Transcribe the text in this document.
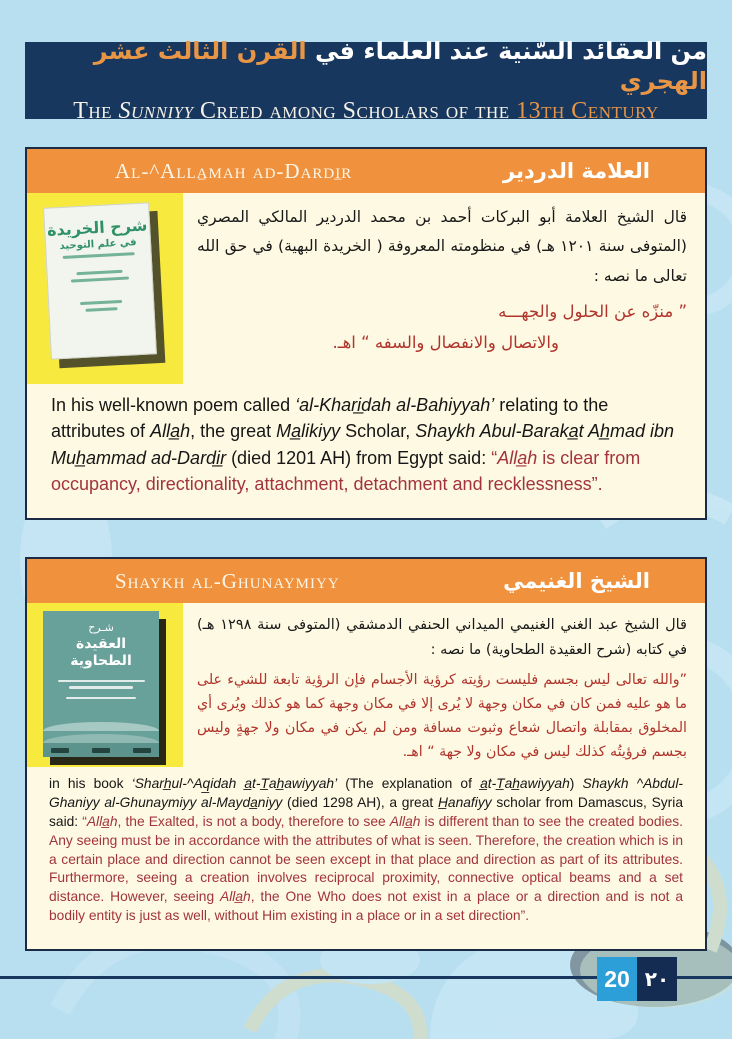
من العقائد السّنية عند العلماء في القرن الثالث عشر الهجري
The Sunniyy Creed among Scholars of the 13th Century
Al-^Alla̲mah ad-Dardi̲r	العلامة الدردير
شرح الخريدة
في علم التوحيد

قال الشيخ العلامة أبو البركات أحمد بن محمد الدردير المالكي المصري (المتوفى سنة ١٢٠١ هـ) في منظومته المعروفة ( الخريدة البهية) في حق الله تعالى ما نصه :

” منزّه عن الحلول والجهـــه

والاتصال والانفصال والسفه “ اهـ.

In his well-known poem called ‘al-Khari̲dah al-Bahiyyah’ relating to the attributes of Alla̲h, the great Ma̲likiyy Scholar, Shaykh Abul-Baraka̲t Ah̲mad ibn Muh̲ammad ad-Dardi̲r (died 1201 AH) from Egypt said: “Alla̲h is clear from occupancy, directionality, attachment, detachment and recklessness”.
Shaykh al-Ghunaymiyy	الشيخ الغنيمي
شـرح
العقيدة الطحاوية

قال الشيخ عبد الغني الغنيمي الميداني الحنفي الدمشقي (المتوفى سنة ١٢٩٨ هـ) في كتابه (شرح العقيدة الطحاوية) ما نصه :

”والله تعالى ليس بجسم فليست رؤيته كرؤية الأجسام فإن الرؤية تابعة للشيء على ما هو عليه فمن كان في مكان وجهة لا يُرى إلا في مكان وجهة كما هو كذلك ويُرى أي المخلوق بمقابلة واتصال شعاع وثبوت مسافة ومن لم يكن في مكان ولا جهةٍ وليس بجسم فرؤيتُه كذلك ليس في مكان ولا جهة “ اهـ.

in his book ‘Sharh̲ul-^Aq̲idah a̲t-T̲ah̲awiyyah’ (The explanation of a̲t-T̲ah̲awiyyah) Shaykh ^Abdul-Ghaniyy al-Ghunaymiyy al-Mayda̲niyy (died 1298 AH), a great H̲anafiyy scholar from Damascus, Syria said: “Alla̲h, the Exalted, is not a body, therefore to see Alla̲h is different than to see the created bodies. Any seeing must be in accordance with the attributes of what is seen. Therefore, the creation which is in a certain place and direction cannot be seen except in that place and direction as part of its attributes. Furthermore, seeing a creation involves reciprocal proximity, connective optical beams and a set distance. However, seeing Alla̲h, the One Who does not exist in a place or a direction and is not a bodily entity is just as well, without Him existing in a place or in a set direction”.
20 ٢٠
